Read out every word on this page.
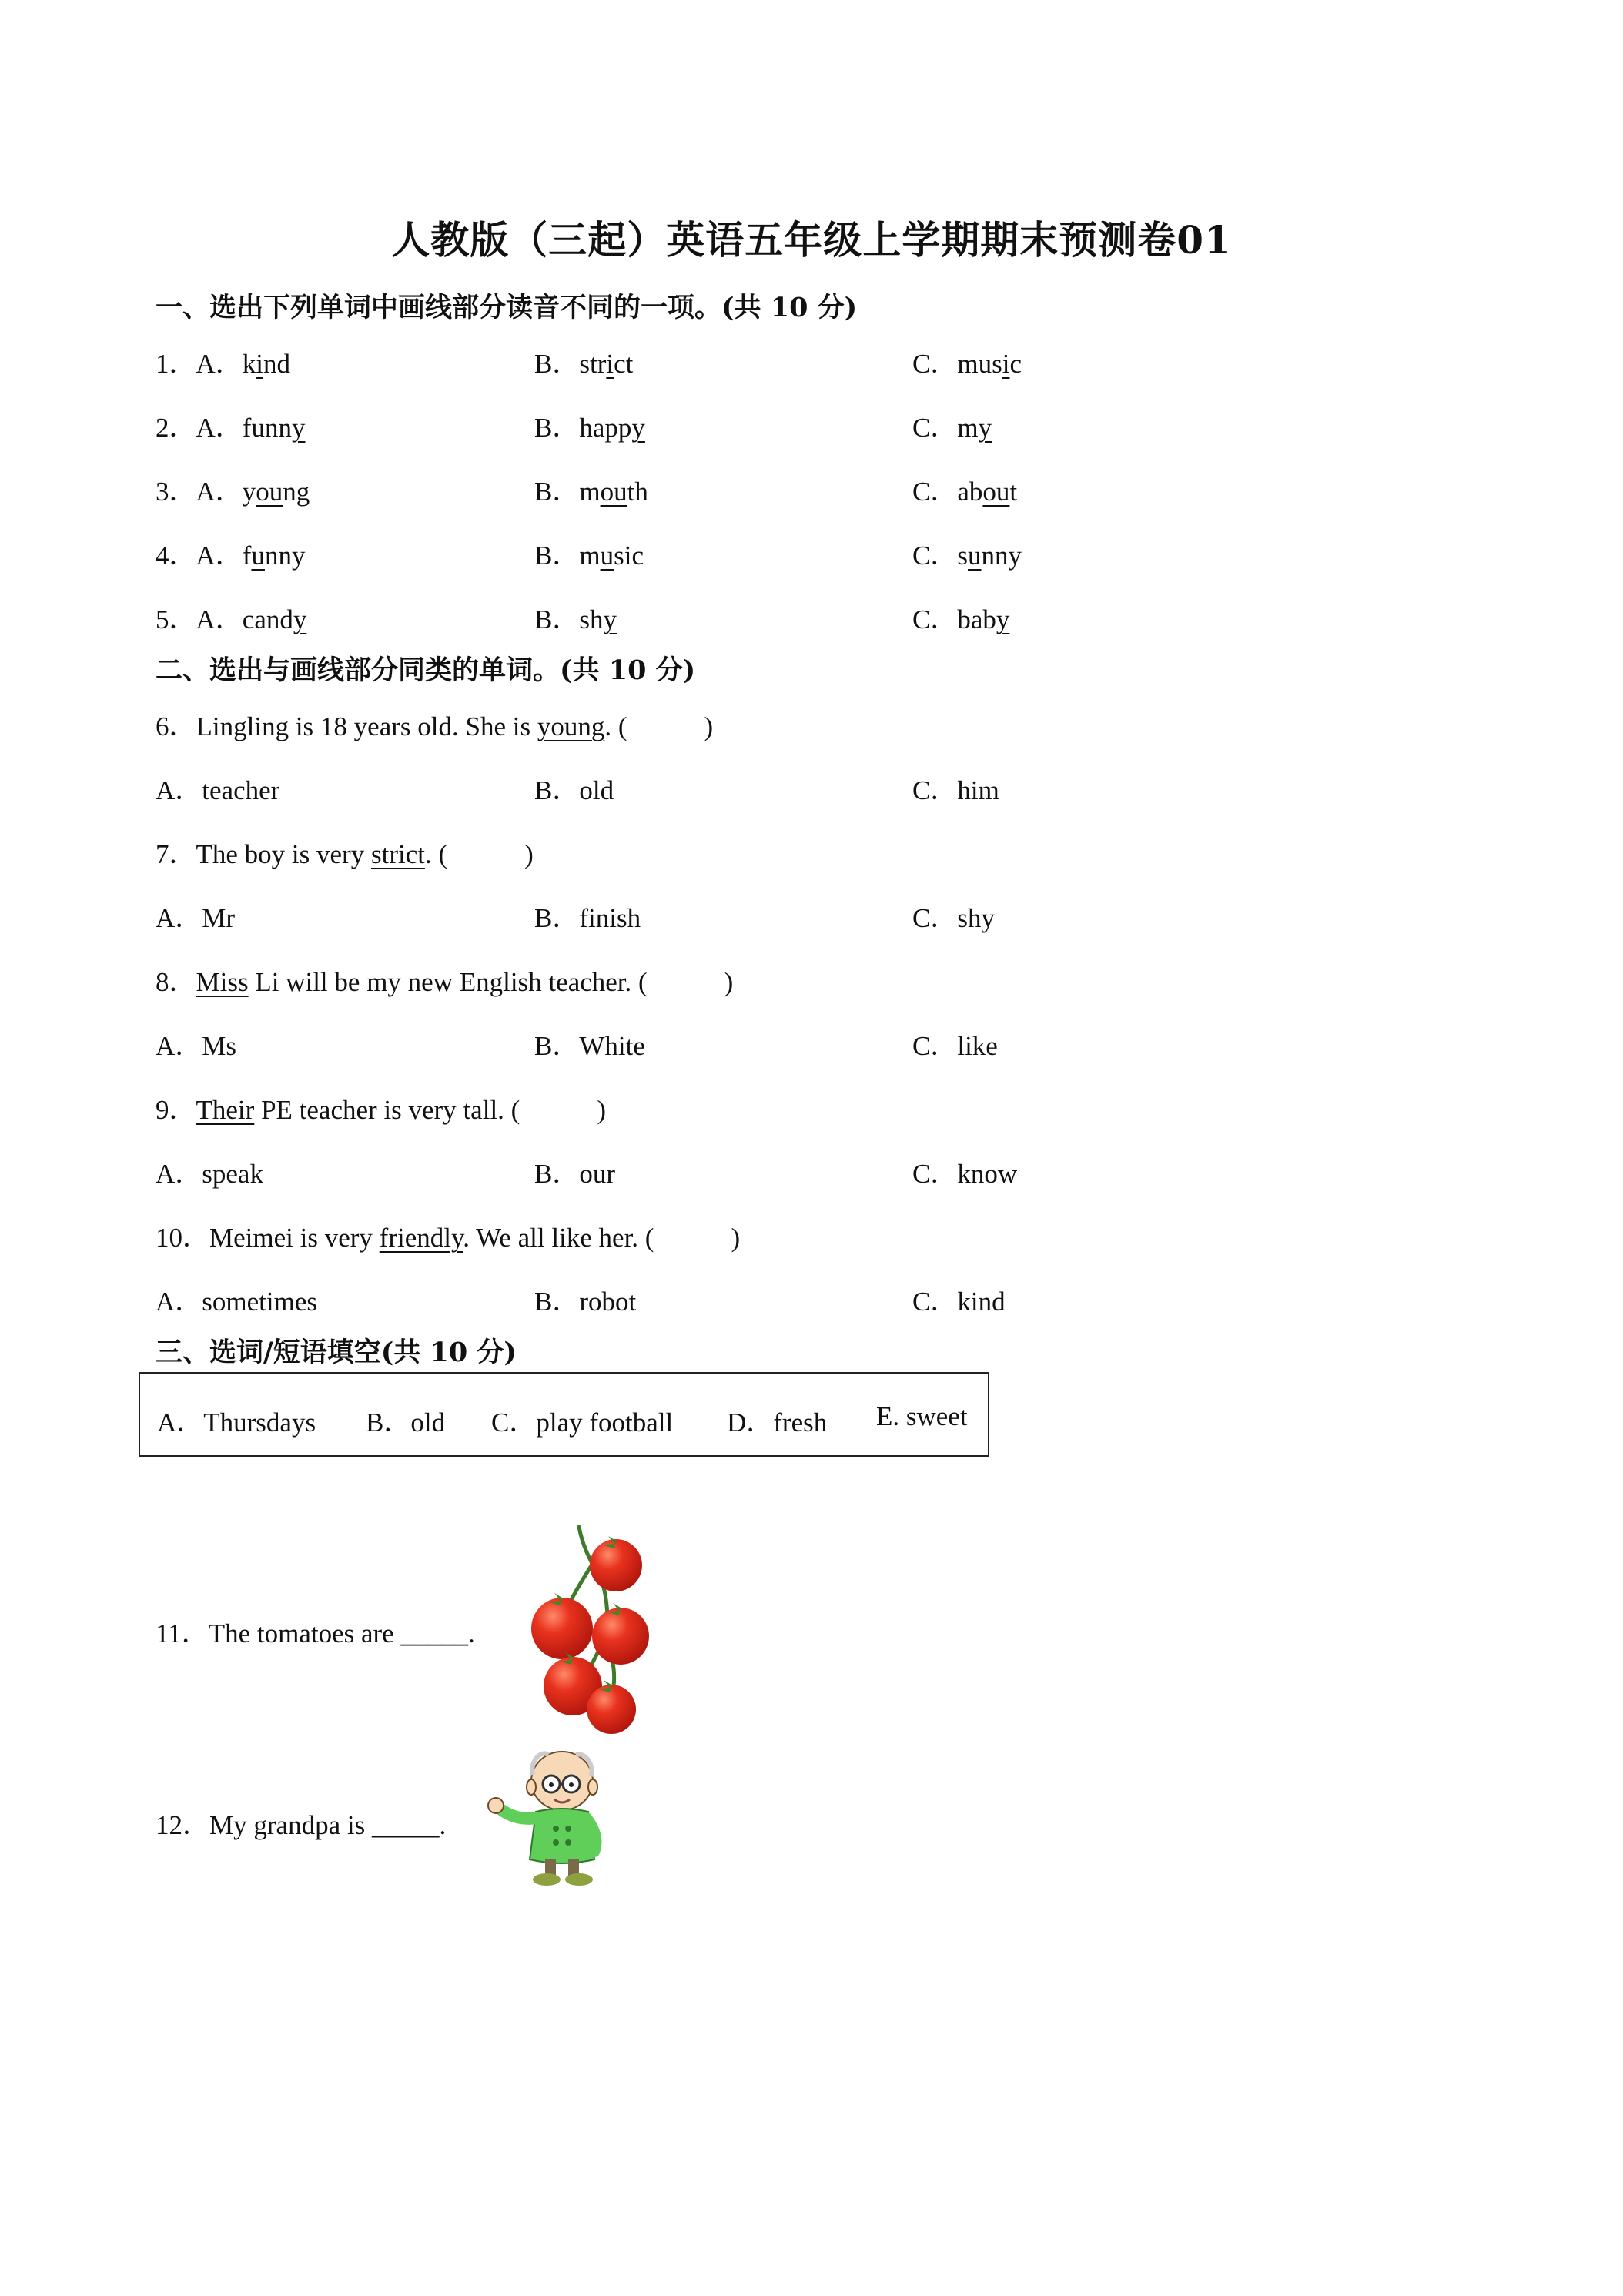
人教版（三起）英语五年级上学期期末预测卷01
一、选出下列单词中画线部分读音不同的一项。(共 10 分)
1．A．kind	B．strict	C．music
2．A．funny	B．happy	C．my
3．A．young	B．mouth	C．about
4．A．funny	B．music	C．sunny
5．A．candy	B．shy	C．baby
二、选出与画线部分同类的单词。(共 10 分)
6．Lingling is 18 years old. She is young. (	)
A．teacher	B．old	C．him
7．The boy is very strict. (	)
A．Mr	B．finish	C．shy
8．Miss Li will be my new English teacher. (	)
A．Ms	B．White	C．like
9．Their PE teacher is very tall. (	)
A．speak	B．our	C．know
10．Meimei is very friendly. We all like her. (	)
A．sometimes	B．robot	C．kind
三、选词/短语填空(共 10 分)
A．Thursdays B．old C．play football D．fresh E. sweet
11．The tomatoes are _____.
12．My grandpa is _____.
